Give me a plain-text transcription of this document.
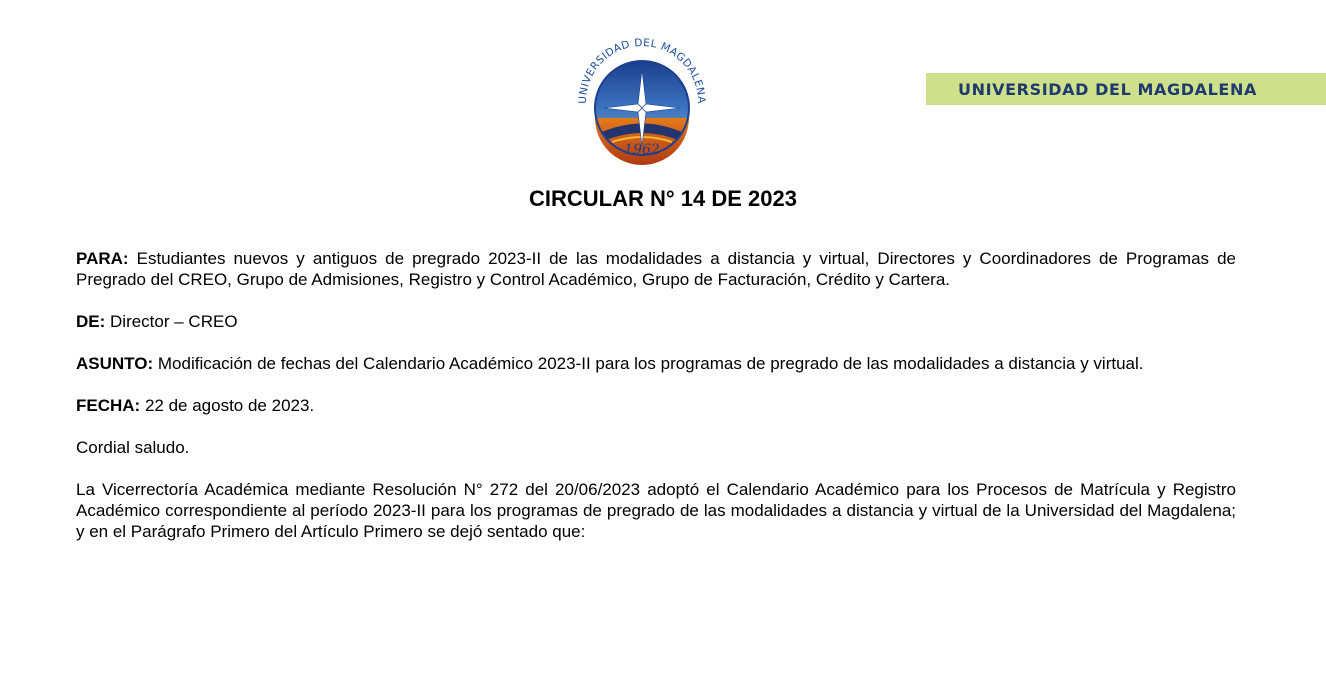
UNIVERSIDAD DEL MAGDALENA
1962
UNIVERSIDAD DEL MAGDALENA
CIRCULAR N° 14 DE 2023

PARA: Estudiantes nuevos y antiguos de pregrado 2023-II de las modalidades a distancia y virtual, Directores y Coordinadores de Programas de Pregrado del CREO, Grupo de Admisiones, Registro y Control Académico, Grupo de Facturación, Crédito y Cartera.

DE: Director – CREO

ASUNTO: Modificación de fechas del Calendario Académico 2023-II para los programas de pregrado de las modalidades a distancia y virtual.

FECHA: 22 de agosto de 2023.

Cordial saludo.

La Vicerrectoría Académica mediante Resolución N° 272 del 20/06/2023 adoptó el Calendario Académico para los Procesos de Matrícula y Registro Académico correspondiente al período 2023-II para los programas de pregrado de las modalidades a distancia y virtual de la Universidad del Magdalena; y en el Parágrafo Primero del Artículo Primero se dejó sentado que:
